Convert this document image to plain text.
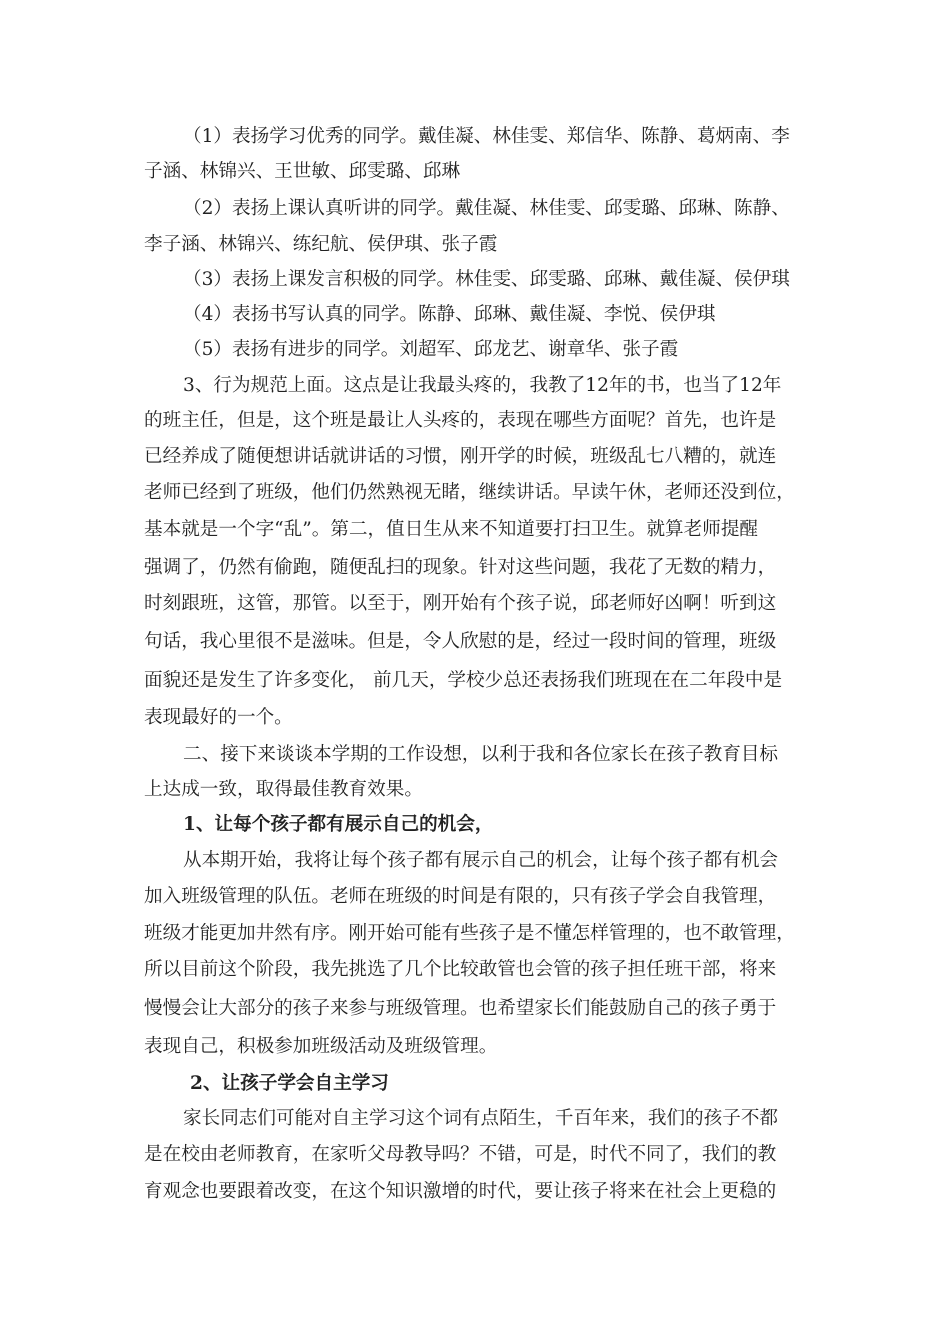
（1）表扬学习优秀的同学。戴佳凝、林佳雯、郑信华、陈静、葛炳南、李
子涵、林锦兴、王世敏、邱雯璐、邱琳
（2）表扬上课认真听讲的同学。戴佳凝、林佳雯、邱雯璐、邱琳、陈静、
李子涵、林锦兴、练纪航、侯伊琪、张子霞
（3）表扬上课发言积极的同学。林佳雯、邱雯璐、邱琳、戴佳凝、侯伊琪
（4）表扬书写认真的同学。陈静、邱琳、戴佳凝、李悦、侯伊琪
（5）表扬有进步的同学。刘超军、邱龙艺、谢章华、张子霞
3、行为规范上面。这点是让我最头疼的，我教了12年的书，也当了12年
的班主任，但是，这个班是最让人头疼的，表现在哪些方面呢？首先，也许是
已经养成了随便想讲话就讲话的习惯，刚开学的时候，班级乱七八糟的，就连
老师已经到了班级，他们仍然熟视无睹，继续讲话。早读午休，老师还没到位，
基本就是一个字“乱”。第二，值日生从来不知道要打扫卫生。就算老师提醒
强调了，仍然有偷跑，随便乱扫的现象。针对这些问题，我花了无数的精力，
时刻跟班，这管，那管。以至于，刚开始有个孩子说，邱老师好凶啊！听到这
句话，我心里很不是滋味。但是，令人欣慰的是，经过一段时间的管理，班级
面貌还是发生了许多变化， 前几天，学校少总还表扬我们班现在在二年段中是
表现最好的一个。
二、接下来谈谈本学期的工作设想，以利于我和各位家长在孩子教育目标
上达成一致，取得最佳教育效果。
1、让每个孩子都有展示自己的机会，
从本期开始，我将让每个孩子都有展示自己的机会，让每个孩子都有机会
加入班级管理的队伍。老师在班级的时间是有限的，只有孩子学会自我管理，
班级才能更加井然有序。刚开始可能有些孩子是不懂怎样管理的，也不敢管理，
所以目前这个阶段，我先挑选了几个比较敢管也会管的孩子担任班干部，将来
慢慢会让大部分的孩子来参与班级管理。也希望家长们能鼓励自己的孩子勇于
表现自己，积极参加班级活动及班级管理。
2、让孩子学会自主学习
家长同志们可能对自主学习这个词有点陌生，千百年来，我们的孩子不都
是在校由老师教育，在家听父母教导吗？不错，可是，时代不同了，我们的教
育观念也要跟着改变，在这个知识激增的时代，要让孩子将来在社会上更稳的
